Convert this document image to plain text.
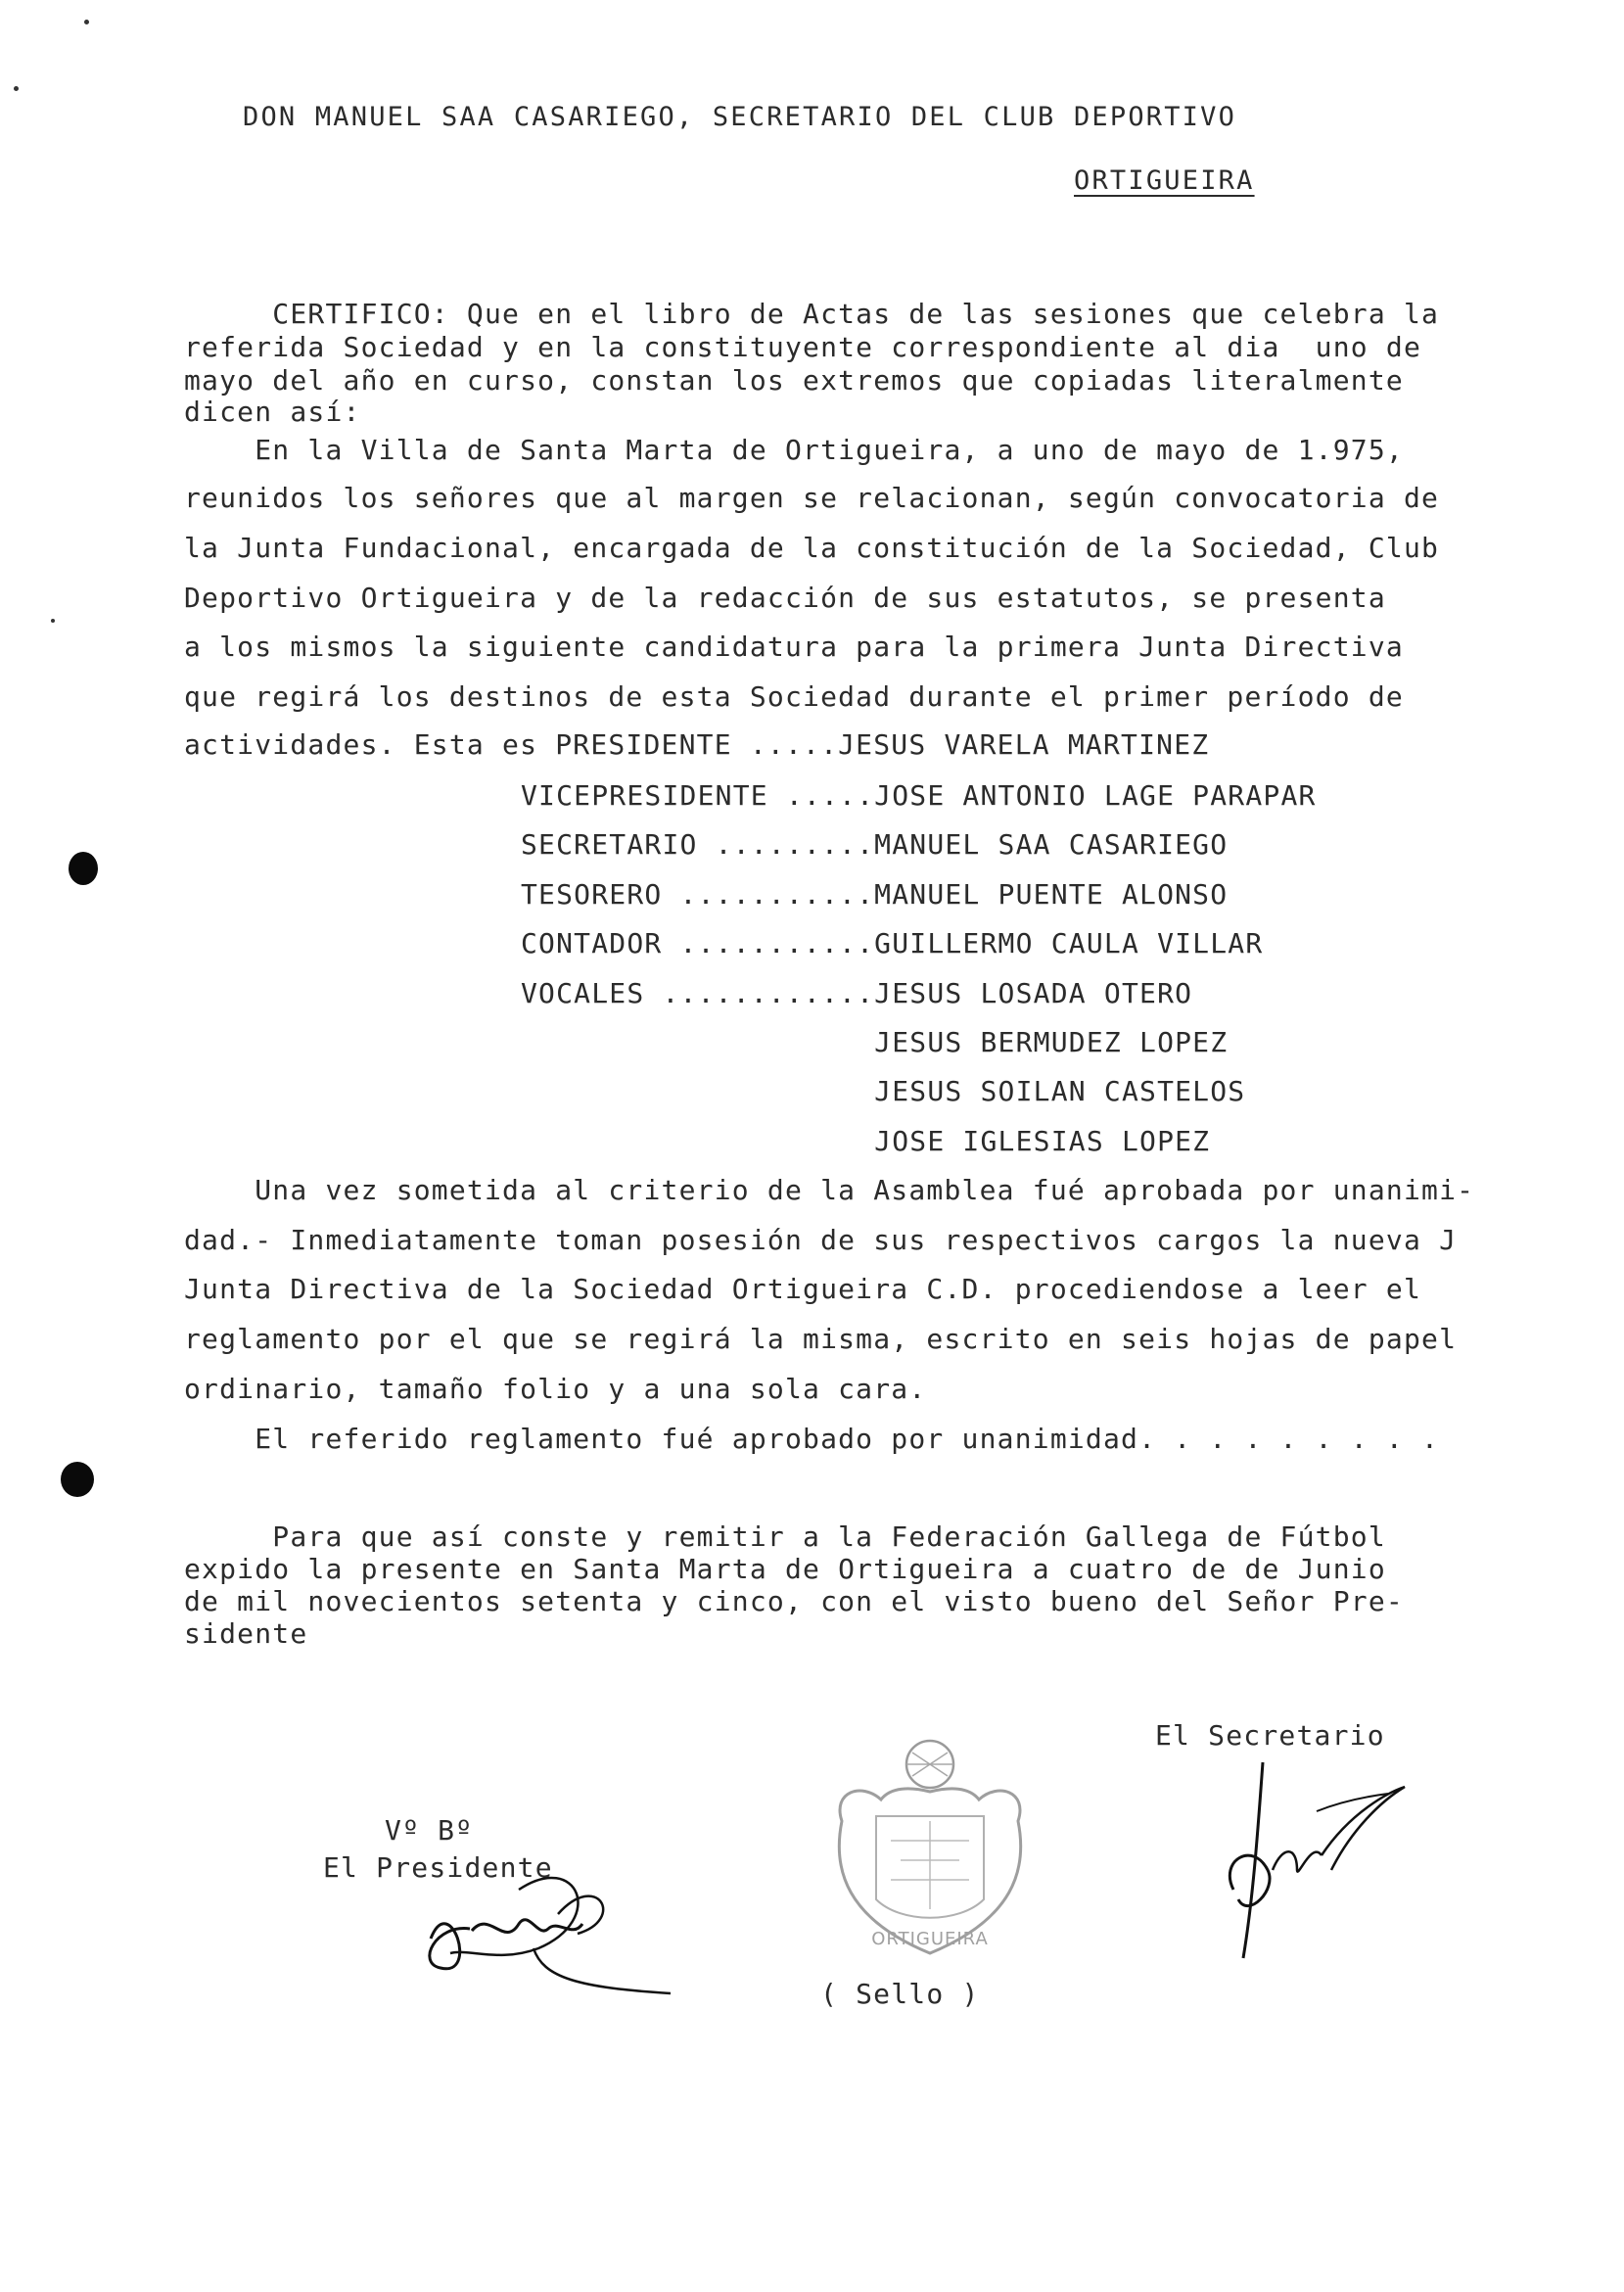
DON MANUEL SAA CASARIEGO, SECRETARIO DEL CLUB DEPORTIVO
ORTIGUEIRA
CERTIFICO: Que en el libro de Actas de las sesiones que celebra la
referida Sociedad y en la constituyente correspondiente al dia  uno de
mayo del año en curso, constan los extremos que copiadas literalmente
dicen así:
En la Villa de Santa Marta de Ortigueira, a uno de mayo de 1.975,
reunidos los señores que al margen se relacionan, según convocatoria de
la Junta Fundacional, encargada de la constitución de la Sociedad, Club
Deportivo Ortigueira y de la redacción de sus estatutos, se presenta
a los mismos la siguiente candidatura para la primera Junta Directiva
que regirá los destinos de esta Sociedad durante el primer período de
actividades. Esta es PRESIDENTE .....JESUS VARELA MARTINEZ
VICEPRESIDENTE .....JOSE ANTONIO LAGE PARAPAR
SECRETARIO .........MANUEL SAA CASARIEGO
TESORERO ...........MANUEL PUENTE ALONSO
CONTADOR ...........GUILLERMO CAULA VILLAR
VOCALES ............JESUS LOSADA OTERO
JESUS BERMUDEZ LOPEZ
JESUS SOILAN CASTELOS
JOSE IGLESIAS LOPEZ
Una vez sometida al criterio de la Asamblea fué aprobada por unanimi-
dad.- Inmediatamente toman posesión de sus respectivos cargos la nueva J
Junta Directiva de la Sociedad Ortigueira C.D. procediendose a leer el
reglamento por el que se regirá la misma, escrito en seis hojas de papel
ordinario, tamaño folio y a una sola cara.
El referido reglamento fué aprobado por unanimidad. . . . . . . . .
Para que así conste y remitir a la Federación Gallega de Fútbol
expido la presente en Santa Marta de Ortigueira a cuatro de de Junio
de mil novecientos setenta y cinco, con el visto bueno del Señor Pre-
sidente
El Secretario
Vº Bº
El Presidente
( Sello )
ORTIGUEIRA
